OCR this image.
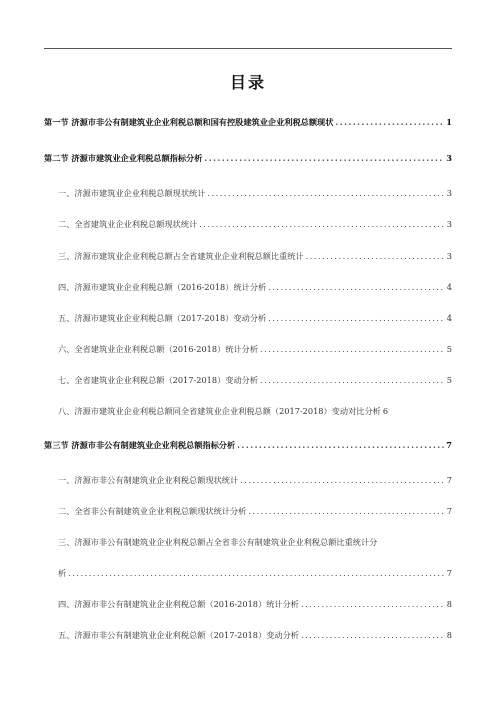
目录
第一节 济源市非公有制建筑业企业利税总额和国有控股建筑业企业利税总额现状 .....	1
第二节 济源市建筑业企业利税总额指标分析 .....	3
一、济源市建筑业企业利税总额现状统计 .....	3
二、全省建筑业企业利税总额现状统计 .....	3
三、济源市建筑业企业利税总额占全省建筑业企业利税总额比重统计 .....	3
四、济源市建筑业企业利税总额（2016-2018）统计分析 .....	4
五、济源市建筑业企业利税总额（2017-2018）变动分析 .....	4
六、全省建筑业企业利税总额（2016-2018）统计分析 .....	5
七、全省建筑业企业利税总额（2017-2018）变动分析 .....	5
八、济源市建筑业企业利税总额同全省建筑业企业利税总额（2017-2018）变动对比分析 6
第三节 济源市非公有制建筑业企业利税总额指标分析 .....	7
一、济源市非公有制建筑业企业利税总额现状统计 .....	7
二、全省非公有制建筑业企业利税总额现状统计分析 .....	7
三、济源市非公有制建筑业企业利税总额占全省非公有制建筑业企业利税总额比重统计分
析 .....	7
四、济源市非公有制建筑业企业利税总额（2016-2018）统计分析 .....	8
五、济源市非公有制建筑业企业利税总额（2017-2018）变动分析 .....	8
